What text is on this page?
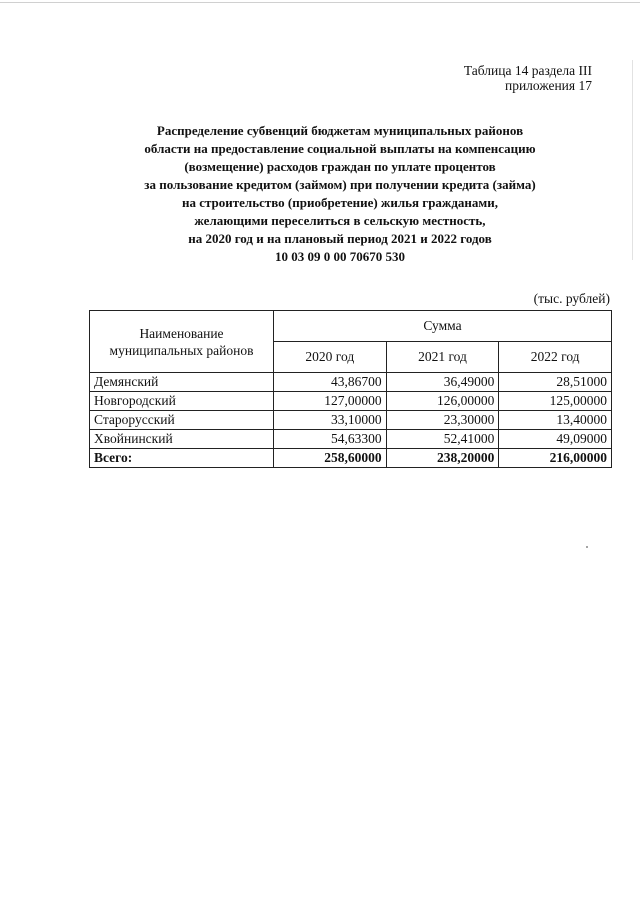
Таблица 14 раздела III
приложения 17
Распределение субвенций бюджетам муниципальных районов
области на предоставление социальной выплаты на компенсацию
(возмещение) расходов граждан по уплате процентов
за пользование кредитом (займом) при получении кредита (займа)
на строительство (приобретение) жилья гражданами,
желающими переселиться в сельскую местность,
на 2020 год и на плановый период 2021 и 2022 годов
10 03 09 0 00 70670 530
(тыс. рублей)
Наименование муниципальных районов	Сумма		
	2020 год	2021 год	2022 год
Демянский	43,86700	36,49000	28,51000
Новгородский	127,00000	126,00000	125,00000
Старорусский	33,10000	23,30000	13,40000
Хвойнинский	54,63300	52,41000	49,09000
Всего:	258,60000	238,20000	216,00000
